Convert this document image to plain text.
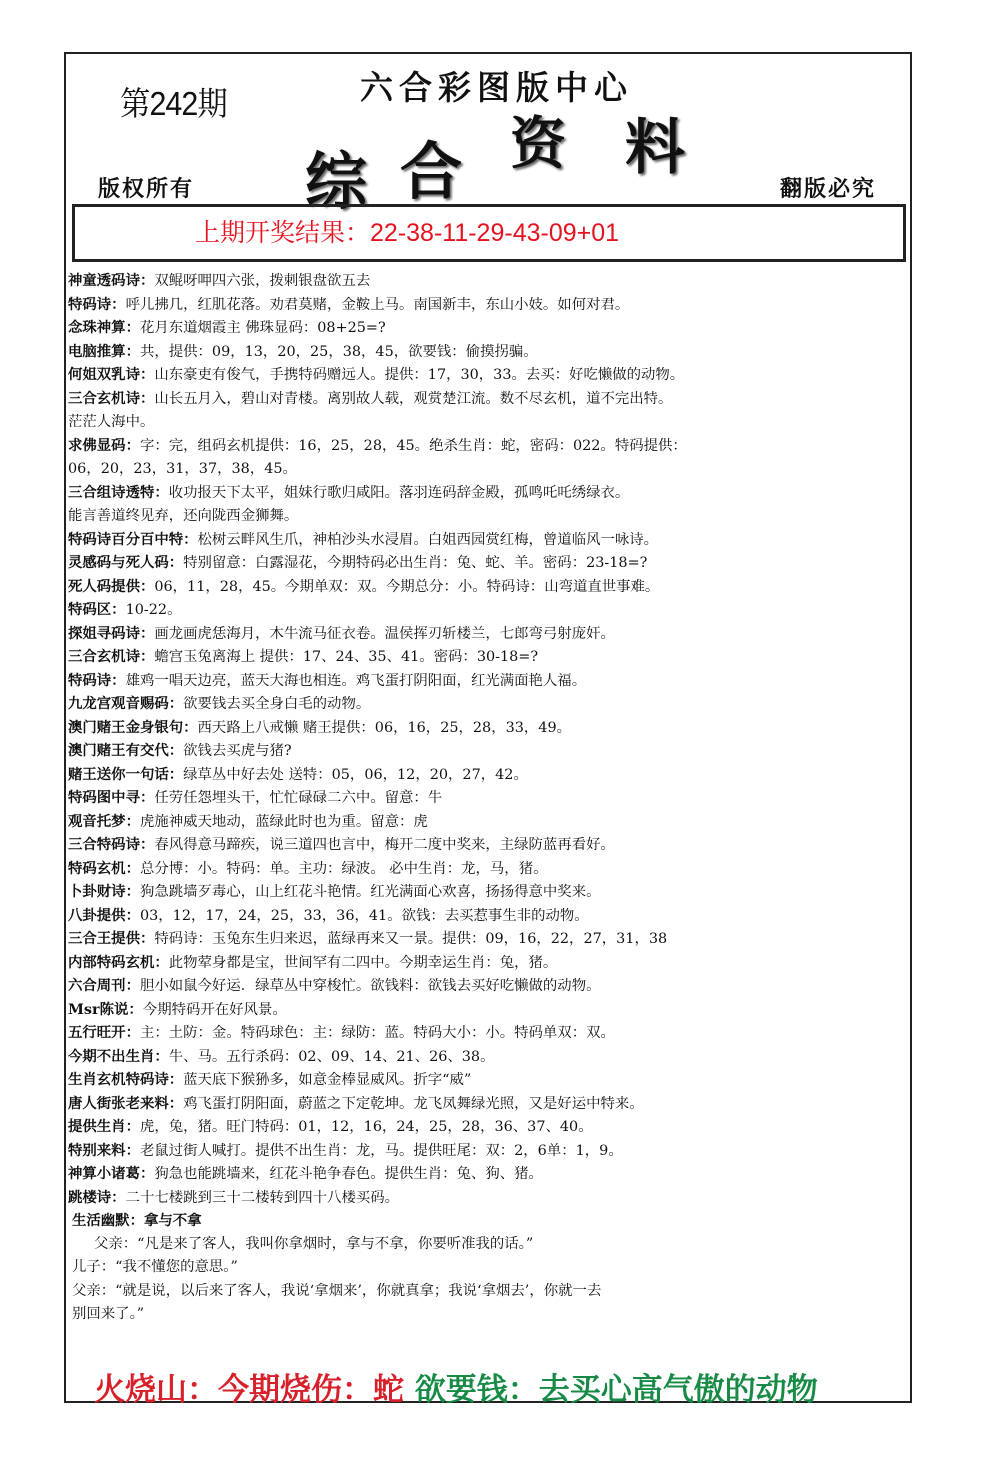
第242期	六合彩图版中心
综 合 资 料
版权所有	翻版必究
上期开奖结果：22-38-11-29-43-09+01
神童透码诗：双鲲呀呷四六张，拨刺银盘欲五去
特码诗：呼儿拂几，红肌花落。劝君莫赌，金鞍上马。南国新丰，东山小妓。如何对君。
念珠神算：花月东道烟霞主 佛珠显码：08+25=?
电脑推算：共，提供：09，13，20，25，38，45，欲要钱：偷摸拐骗。
何姐双乳诗：山东豪吏有俊气，手携特码赠远人。提供：17，30，33。去买：好吃懒做的动物。
三合玄机诗：山长五月入，碧山对青楼。离别故人载，观赏楚江流。数不尽玄机，道不完出特。
茫茫人海中。
求佛显码：字：完，组码玄机提供：16，25，28，45。绝杀生肖：蛇，密码：022。特码提供：
06，20，23，31，37，38，45。
三合组诗透特：收功报天下太平，姐妹行歌归咸阳。落羽连码辞金殿，孤鸣吒吒绣绿衣。
能言善道终见弃，还向陇西金狮舞。
特码诗百分百中特：松树云畔风生爪，神柏沙头水浸眉。白姐西园赏红梅，曾道临风一咏诗。
灵感码与死人码：特别留意：白露湿花，今期特码必出生肖：兔、蛇、羊。密码：23-18=?
死人码提供：06，11，28，45。今期单双：双。今期总分：小。特码诗：山弯道直世事难。
特码区：10-22。
探姐寻码诗：画龙画虎恁海月，木牛流马征衣卷。温侯挥刃斩楼兰，七郎弯弓射庞奸。
三合玄机诗：蟾宫玉兔离海上 提供：17、24、35、41。密码：30-18=?
特码诗：雄鸡一唱天边亮，蓝天大海也相连。鸡飞蛋打阴阳面，红光满面艳人福。
九龙宫观音赐码：欲要钱去买全身白毛的动物。
澳门赌王金身银句：西天路上八戒懒 赌王提供：06，16，25，28，33，49。
澳门赌王有交代：欲钱去买虎与猪?
赌王送你一句话：绿草丛中好去处 送特：05，06，12，20，27，42。
特码图中寻：任劳任怨埋头干，忙忙碌碌二六中。留意：牛
观音托梦：虎施神威天地动，蓝绿此时也为重。留意：虎
三合特码诗：春风得意马蹄疾，说三道四也言中，梅开二度中奖来，主绿防蓝再看好。
特码玄机：总分博：小。特码：单。主功：绿波。 必中生肖：龙，马，猪。
卜卦财诗：狗急跳墙歹毒心，山上红花斗艳情。红光满面心欢喜，扬扬得意中奖来。
八卦提供：03，12，17，24，25，33，36，41。欲钱：去买惹事生非的动物。
三合王提供：特码诗：玉兔东生归来迟，蓝绿再来又一景。提供：09，16，22，27，31，38
内部特码玄机：此物荤身都是宝，世间罕有二四中。今期幸运生肖：兔，猪。
六合周刊：胆小如鼠今好运．绿草丛中穿梭忙。欲钱料：欲钱去买好吃懒做的动物。
Msr陈说：今期特码开在好风景。
五行旺开：主：土防：金。特码球色：主：绿防：蓝。特码大小：小。特码单双：双。
今期不出生肖：牛、马。五行杀码：02、09、14、21、26、38。
生肖玄机特码诗：蓝天底下猴狲多，如意金棒显威风。折字“威”
唐人街张老来料：鸡飞蛋打阴阳面，蔚蓝之下定乾坤。龙飞凤舞绿光照，又是好运中特来。
提供生肖：虎，兔，猪。旺门特码：01，12，16，24，25，28，36、37、40。
特别来料：老鼠过街人喊打。提供不出生肖：龙，马。提供旺尾：双：2，6单：1，9。
神算小诸葛：狗急也能跳墙来，红花斗艳争春色。提供生肖：兔、狗、猪。
跳楼诗：二十七楼跳到三十二楼转到四十八楼买码。
生活幽默：拿与不拿
父亲：“凡是来了客人，我叫你拿烟时，拿与不拿，你要听准我的话。”
儿子：“我不懂您的意思。”
父亲：“就是说，以后来了客人，我说‘拿烟来’，你就真拿；我说‘拿烟去’，你就一去
别回来了。”
火烧山：今期烧伤：蛇 欲要钱：去买心高气傲的动物
